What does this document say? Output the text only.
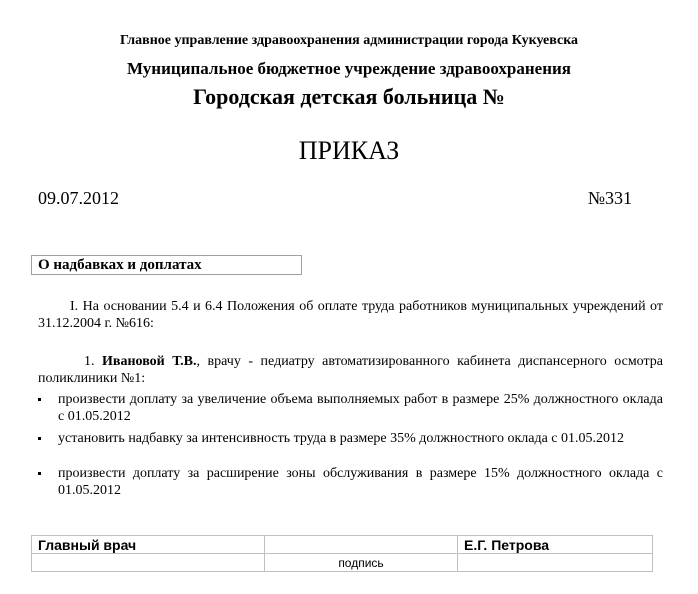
Главное управление здравоохранения администрации города Кукуевска
Муниципальное бюджетное учреждение здравоохранения
Городская детская больница №
ПРИКАЗ
09.07.2012	№331
О надбавках и доплатах
I. На основании 5.4 и 6.4 Положения об оплате труда работников муниципальных учреждений от 31.12.2004 г. №616:
1. Ивановой Т.В., врачу - педиатру автоматизированного кабинета диспансерного осмотра поликлиники №1:
произвести доплату за увеличение объема выполняемых работ в размере 25% должностного оклада с 01.05.2012
установить надбавку за интенсивность труда в размере 35% должностного оклада с 01.05.2012
произвести доплату за расширение зоны обслуживания в размере 15% должностного оклада с 01.05.2012
Главный врач		Е.Г. Петрова
	подпись	
